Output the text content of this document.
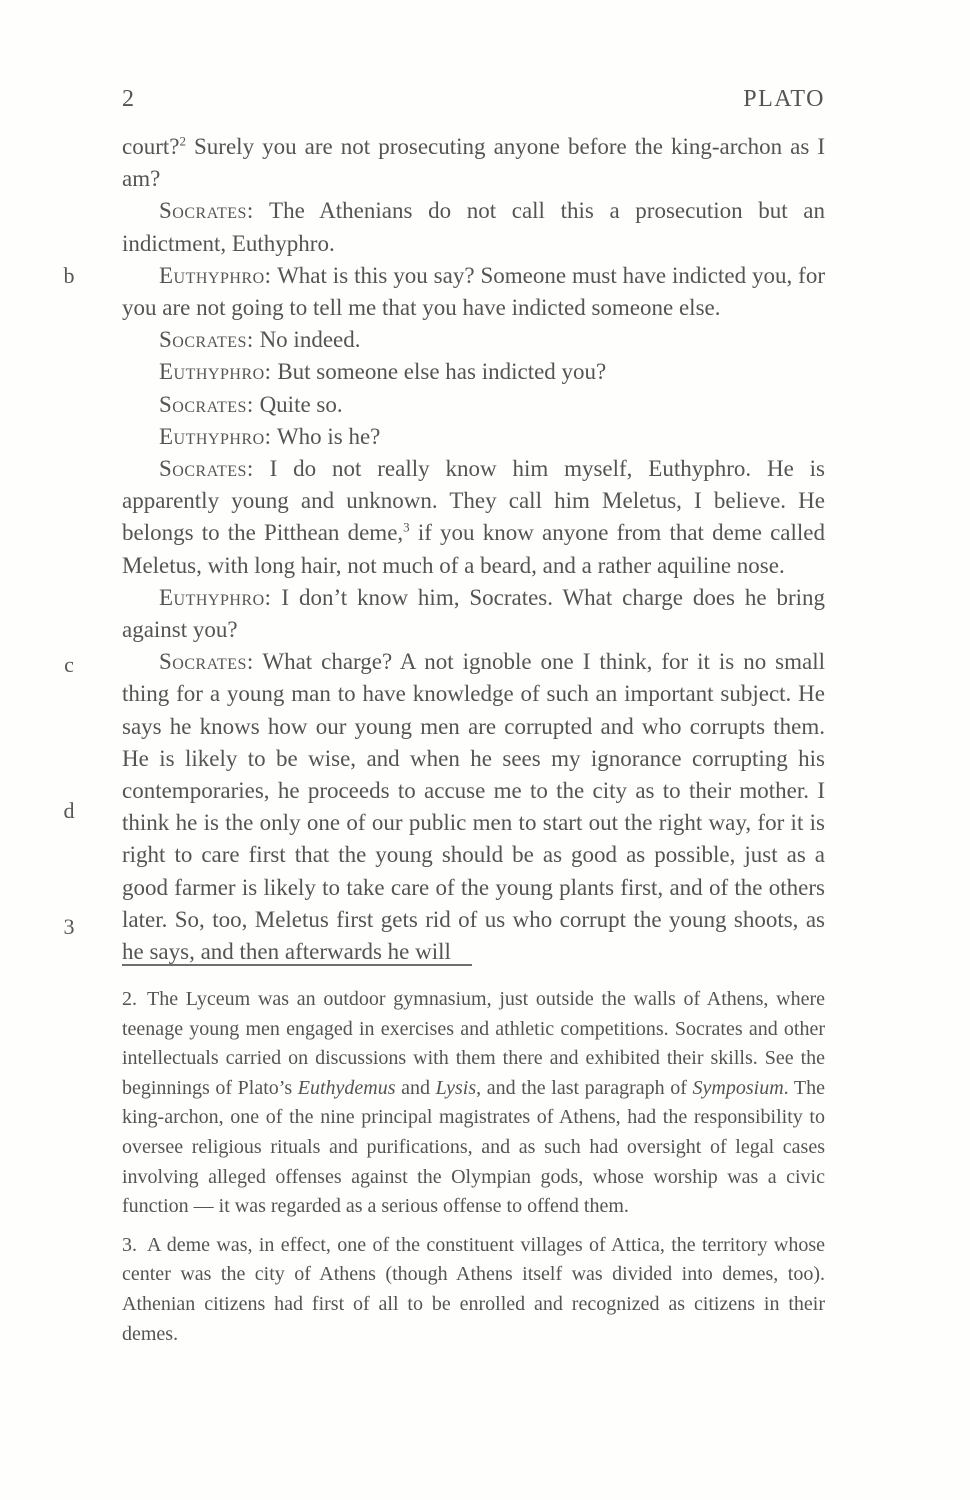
2	PLATO
b
c
d
3

court?$^2$ Surely you are not prosecuting anyone before the king-archon as I am?

Socrates: The Athenians do not call this a prosecution but an indictment, Euthyphro.

Euthyphro: What is this you say? Someone must have indicted you, for you are not going to tell me that you have indicted someone else.

Socrates: No indeed.

Euthyphro: But someone else has indicted you?

Socrates: Quite so.

Euthyphro: Who is he?

Socrates: I do not really know him myself, Euthyphro. He is apparently young and unknown. They call him Meletus, I believe. He belongs to the Pitthean deme,$^3$ if you know anyone from that deme called Meletus, with long hair, not much of a beard, and a rather aquiline nose.

Euthyphro: I don’t know him, Socrates. What charge does he bring against you?

Socrates: What charge? A not ignoble one I think, for it is no small thing for a young man to have knowledge of such an important subject. He says he knows how our young men are corrupted and who corrupts them. He is likely to be wise, and when he sees my ignorance corrupting his contemporaries, he proceeds to accuse me to the city as to their mother. I think he is the only one of our public men to start out the right way, for it is right to care first that the young should be as good as possible, just as a good farmer is likely to take care of the young plants first, and of the others later. So, too, Meletus first gets rid of us who corrupt the young shoots, as he says, and then afterwards he will

2. The Lyceum was an outdoor gymnasium, just outside the walls of Athens, where teenage young men engaged in exercises and athletic competitions. Socrates and other intellectuals carried on discussions with them there and exhibited their skills. See the beginnings of Plato’s Euthydemus and Lysis, and the last paragraph of Symposium. The king-archon, one of the nine principal magistrates of Athens, had the responsibility to oversee religious rituals and purifications, and as such had oversight of legal cases involving alleged offenses against the Olympian gods, whose worship was a civic function — it was regarded as a serious offense to offend them.

3. A deme was, in effect, one of the constituent villages of Attica, the territory whose center was the city of Athens (though Athens itself was divided into demes, too). Athenian citizens had first of all to be enrolled and recognized as citizens in their demes.
